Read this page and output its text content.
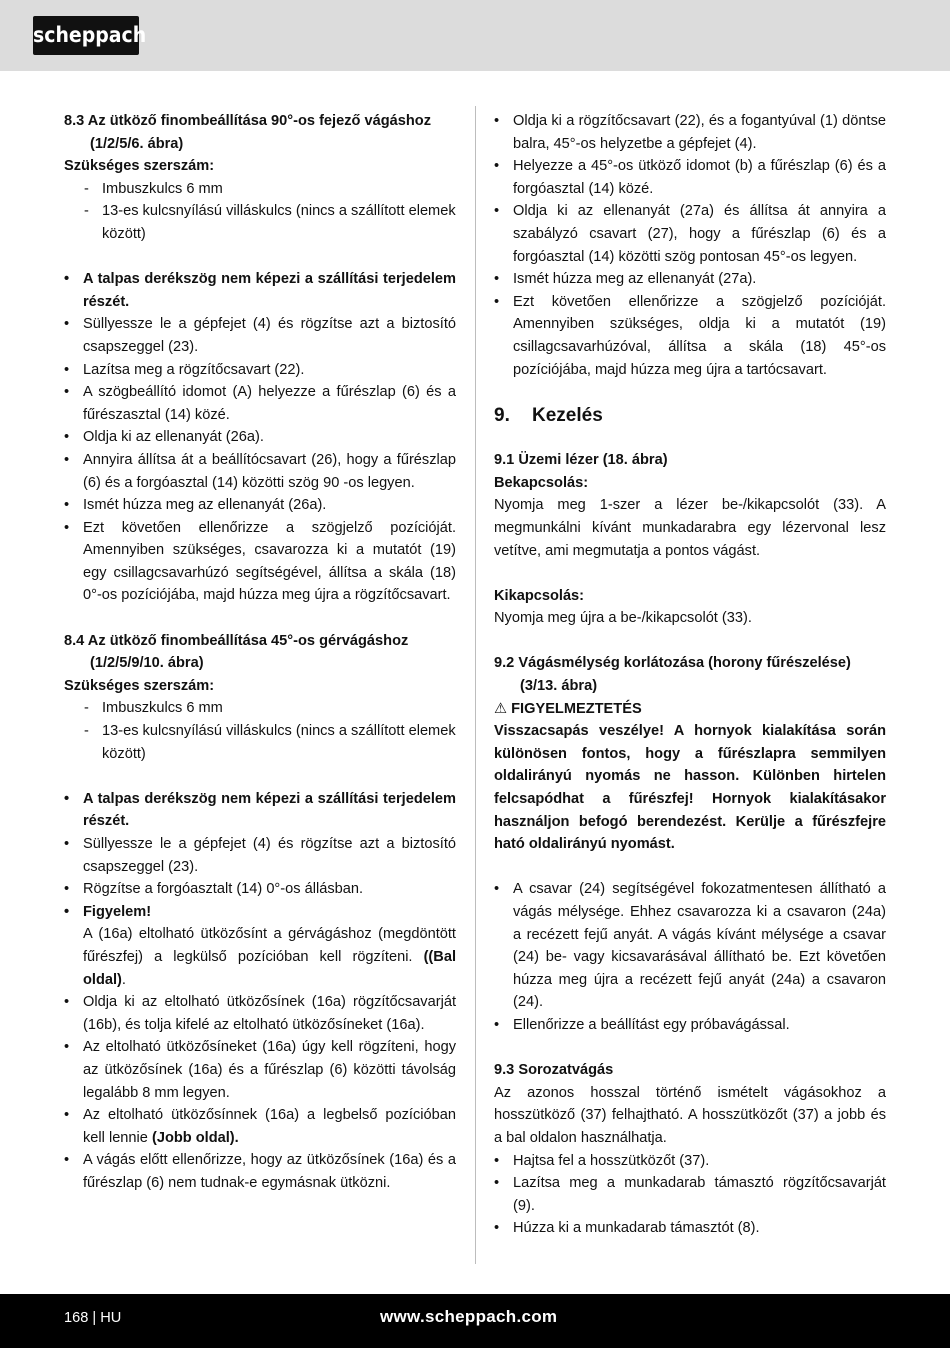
scheppach
8.3 Az ütköző finombeállítása 90°-os fejező vágáshoz (1/2/5/6. ábra)
Szükséges szerszám:
- Imbuszkulcs 6 mm
- 13-es kulcsnyílású villáskulcs (nincs a szállított elemek között)
• A talpas derékszög nem képezi a szállítási terjedelem részét.
• Süllyessze le a gépfejet (4) és rögzítse azt a biztosító csapszeggel (23).
• Lazítsa meg a rögzítőcsavart (22).
• A szögbeállító idomot (A) helyezze a fűrészlap (6) és a fűrészasztal (14) közé.
• Oldja ki az ellenanyát (26a).
• Annyira állítsa át a beállítócsavart (26), hogy a fűrészlap (6) és a forgóasztal (14) közötti szög 90 -os legyen.
• Ismét húzza meg az ellenanyát (26a).
• Ezt követően ellenőrizze a szögjelző pozícióját. Amennyiben szükséges, csavarozza ki a mutatót (19) egy csillagcsavarhúzó segítségével, állítsa a skála (18) 0°-os pozíciójába, majd húzza meg újra a rögzítőcsavart.
8.4 Az ütköző finombeállítása 45°-os gérvágáshoz (1/2/5/9/10. ábra)
Szükséges szerszám:
- Imbuszkulcs 6 mm
- 13-es kulcsnyílású villáskulcs (nincs a szállított elemek között)
• A talpas derékszög nem képezi a szállítási terjedelem részét.
• Süllyessze le a gépfejet (4) és rögzítse azt a biztosító csapszeggel (23).
• Rögzítse a forgóasztalt (14) 0°-os állásban.
• Figyelem!
A (16a) eltolható ütközősínt a gérvágáshoz (megdöntött fűrészfej) a legkülső pozícióban kell rögzíteni. ((Bal oldal).
• Oldja ki az eltolható ütközősínek (16a) rögzítőcsavarját (16b), és tolja kifelé az eltolható ütközősíneket (16a).
• Az eltolható ütközősíneket (16a) úgy kell rögzíteni, hogy az ütközősínek (16a) és a fűrészlap (6) közötti távolság legalább 8 mm legyen.
• Az eltolható ütközősínnek (16a) a legbelső pozícióban kell lennie (Jobb oldal).
• A vágás előtt ellenőrizze, hogy az ütközősínek (16a) és a fűrészlap (6) nem tudnak-e egymásnak ütközni.
• Oldja ki a rögzítőcsavart (22), és a fogantyúval (1) döntse balra, 45°-os helyzetbe a gépfejet (4).
• Helyezze a 45°-os ütköző idomot (b) a fűrészlap (6) és a forgóasztal (14) közé.
• Oldja ki az ellenanyát (27a) és állítsa át annyira a szabályzó csavart (27), hogy a fűrészlap (6) és a forgóasztal (14) közötti szög pontosan 45°-os legyen.
• Ismét húzza meg az ellenanyát (27a).
• Ezt követően ellenőrizze a szögjelző pozícióját. Amennyiben szükséges, oldja ki a mutatót (19) csillagcsavarhúzóval, állítsa a skála (18) 45°-os pozíciójába, majd húzza meg újra a tartócsavart.
9. Kezelés
9.1 Üzemi lézer (18. ábra)
Bekapcsolás:
Nyomja meg 1-szer a lézer be-/kikapcsolót (33). A megmunkálni kívánt munkadarabra egy lézervonal lesz vetítve, ami megmutatja a pontos vágást.
Kikapcsolás:
Nyomja meg újra a be-/kikapcsolót (33).
9.2 Vágásmélység korlátozása (horony fűrészelése) (3/13. ábra)
⚠ FIGYELMEZTETÉS
Visszacsapás veszélye! A hornyok kialakítása során különösen fontos, hogy a fűrészlapra semmilyen oldalirányú nyomás ne hasson. Különben hirtelen felcsapódhat a fűrészfej! Hornyok kialakításakor használjon befogó berendezést. Kerülje a fűrészfejre ható oldalirányú nyomást.
• A csavar (24) segítségével fokozatmentesen állítható a vágás mélysége. Ehhez csavarozza ki a csavaron (24a) a recézett fejű anyát. A vágás kívánt mélysége a csavar (24) be- vagy kicsavarásával állítható be. Ezt követően húzza meg újra a recézett fejű anyát (24a) a csavaron (24).
• Ellenőrizze a beállítást egy próbavágással.
9.3 Sorozatvágás
Az azonos hosszal történő ismételt vágásokhoz a hosszütköző (37) felhajtható. A hosszütközőt (37) a jobb és a bal oldalon használhatja.
• Hajtsa fel a hosszütközőt (37).
• Lazítsa meg a munkadarab támasztó rögzítőcsavarját (9).
• Húzza ki a munkadarab támasztót (8).
168 | HU	www.scheppach.com
